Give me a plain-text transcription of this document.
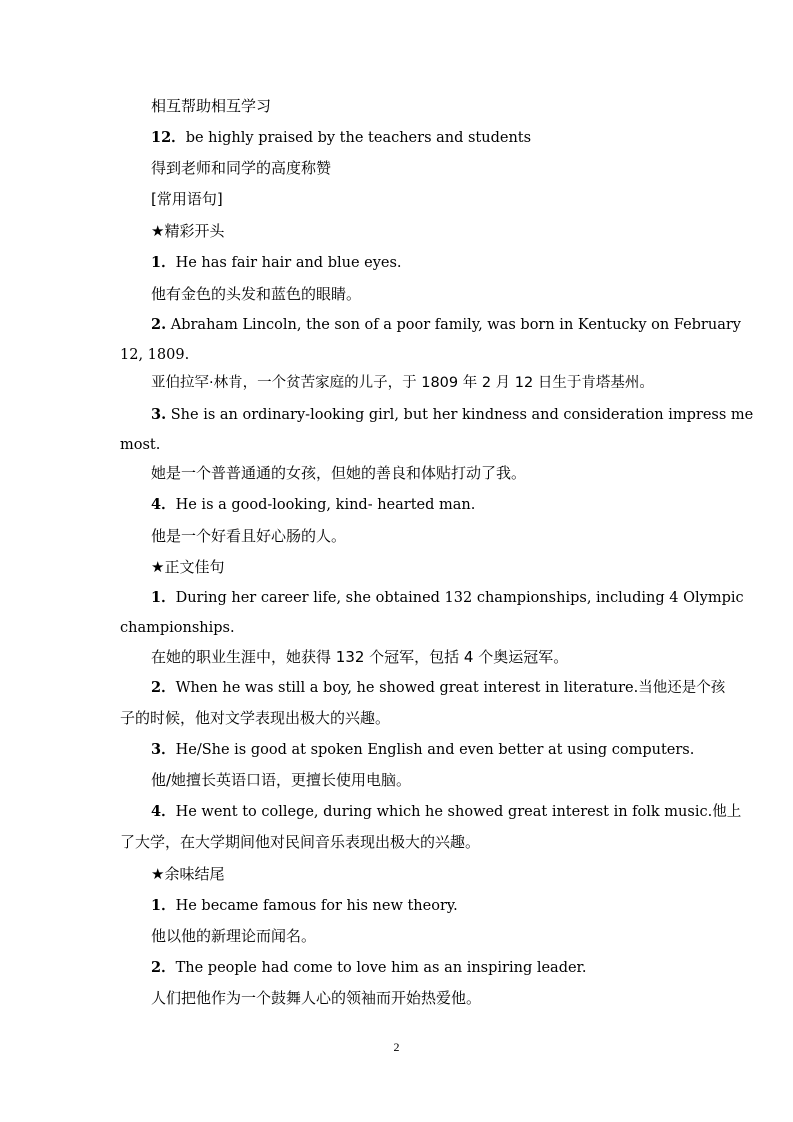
相互帮助相互学习
12．be highly praised by the teachers and students
得到老师和同学的高度称赞
[常用语句]
★精彩开头
1．He has fair hair and blue eyes.
他有金色的头发和蓝色的眼睛。
2. Abraham Lincoln, the son of a poor family, was born in Kentucky on February
12, 1809.
亚伯拉罕·林肯，一个贫苦家庭的儿子，于 1809 年 2 月 12 日生于肯塔基州。
3. She is an ordinary-looking girl, but her kindness and consideration impress me
most.
她是一个普普通通的女孩，但她的善良和体贴打动了我。
4．He is a good-looking, kind- hearted man.
他是一个好看且好心肠的人。
★正文佳句
1．During her career life, she obtained 132 championships, including 4 Olympic
championships.
在她的职业生涯中，她获得 132 个冠军，包括 4 个奥运冠军。
2．When he was still a boy, he showed great interest in literature.当他还是个孩
子的时候，他对文学表现出极大的兴趣。
3．He/She is good at spoken English and even better at using computers.
他/她擅长英语口语，更擅长使用电脑。
4．He went to college, during which he showed great interest in folk music.他上
了大学，在大学期间他对民间音乐表现出极大的兴趣。
★余味结尾
1．He became famous for his new theory.
他以他的新理论而闻名。
2．The people had come to love him as an inspiring leader.
人们把他作为一个鼓舞人心的领袖而开始热爱他。
2
